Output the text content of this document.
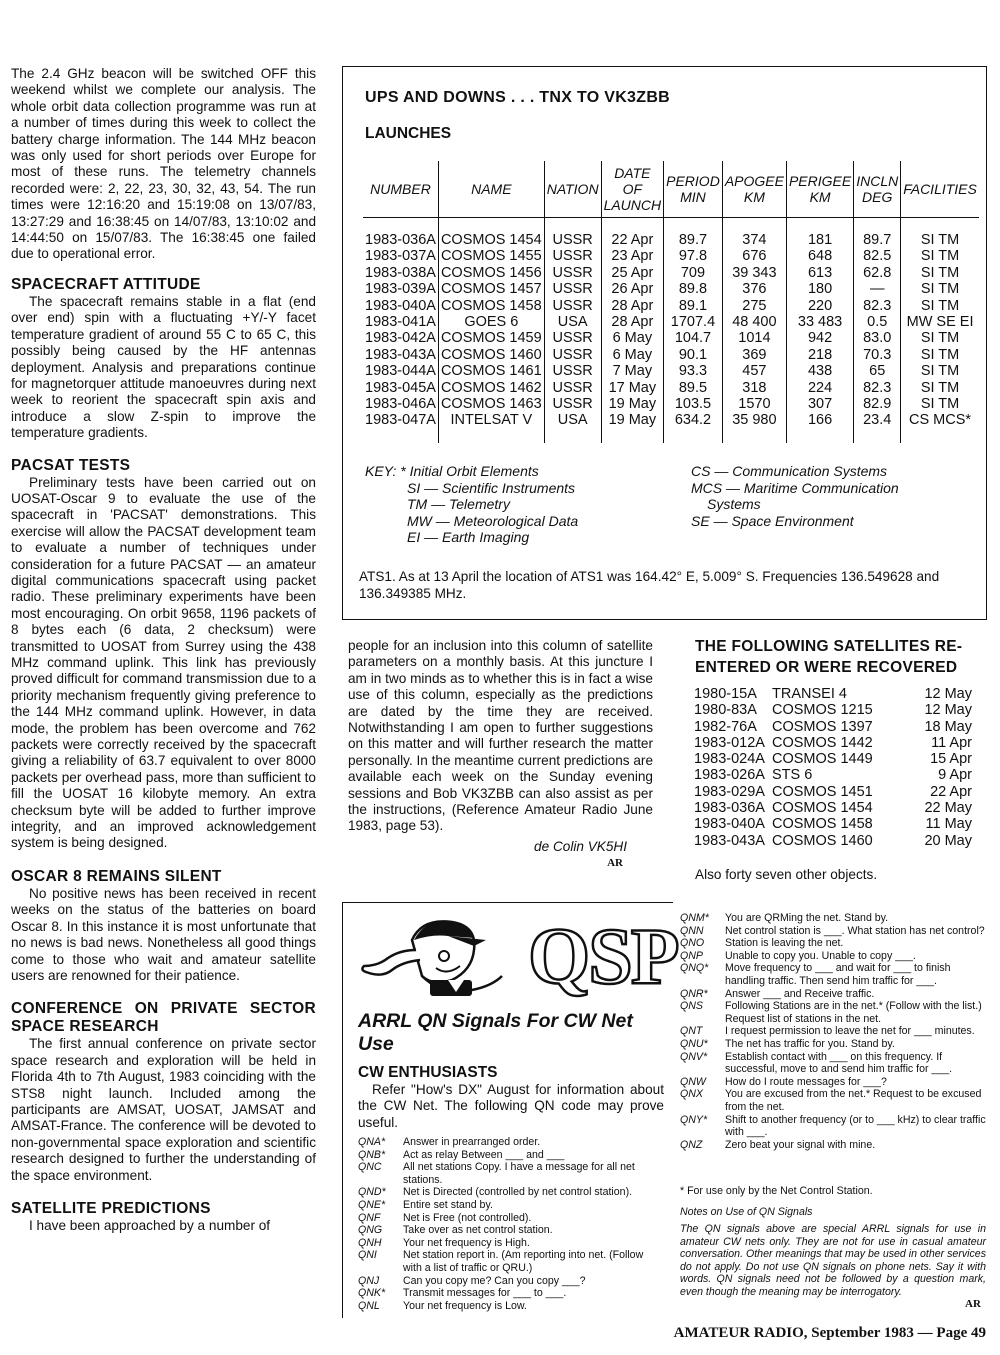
The 2.4 GHz beacon will be switched OFF this weekend whilst we complete our analysis. The whole orbit data collection programme was run at a number of times during this week to collect the battery charge information. The 144 MHz beacon was only used for short periods over Europe for most of these runs. The telemetry channels recorded were: 2, 22, 23, 30, 32, 43, 54. The run times were 12:16:20 and 15:19:08 on 13/07/83, 13:27:29 and 16:38:45 on 14/07/83, 13:10:02 and 14:44:50 on 15/07/83. The 16:38:45 one failed due to operational error.

SPACECRAFT ATTITUDE

The spacecraft remains stable in a flat (end over end) spin with a fluctuating +Y/-Y facet temperature gradient of around 55 C to 65 C, this possibly being caused by the HF antennas deployment. Analysis and preparations continue for magnetorquer attitude manoeuvres during next week to reorient the spacecraft spin axis and introduce a slow Z-spin to improve the temperature gradients.

PACSAT TESTS

Preliminary tests have been carried out on UOSAT-Oscar 9 to evaluate the use of the spacecraft in 'PACSAT' demonstrations. This exercise will allow the PACSAT development team to evaluate a number of techniques under consideration for a future PACSAT — an amateur digital communications spacecraft using packet radio. These preliminary experiments have been most encouraging. On orbit 9658, 1196 packets of 8 bytes each (6 data, 2 checksum) were transmitted to UOSAT from Surrey using the 438 MHz command uplink. This link has previously proved difficult for command transmission due to a priority mechanism frequently giving preference to the 144 MHz command uplink. However, in data mode, the problem has been overcome and 762 packets were correctly received by the spacecraft giving a reliability of 63.7 equivalent to over 8000 packets per overhead pass, more than sufficient to fill the UOSAT 16 kilobyte memory. An extra checksum byte will be added to further improve integrity, and an improved acknowledgement system is being designed.

OSCAR 8 REMAINS SILENT

No positive news has been received in recent weeks on the status of the batteries on board Oscar 8. In this instance it is most unfortunate that no news is bad news. Nonetheless all good things come to those who wait and amateur satellite users are renowned for their patience.

CONFERENCE ON PRIVATE SECTOR SPACE RESEARCH

The first annual conference on private sector space research and exploration will be held in Florida 4th to 7th August, 1983 coinciding with the STS8 night launch. Included among the participants are AMSAT, UOSAT, JAMSAT and AMSAT-France. The conference will be devoted to non-governmental space exploration and scientific research designed to further the understanding of the space environment.

SATELLITE PREDICTIONS

I have been approached by a number of

UPS AND DOWNS . . . TNX TO VK3ZBB
LAUNCHES
NUMBER	NAME	NATION	DATE OF LAUNCH	PERIOD MIN	APOGEE KM	PERIGEE KM	INCLN DEG	FACILITIES

1983-036A	COSMOS 1454	USSR	22 Apr	89.7	374	181	89.7	SI TM
1983-037A	COSMOS 1455	USSR	23 Apr	97.8	676	648	82.5	SI TM
1983-038A	COSMOS 1456	USSR	25 Apr	709	39 343	613	62.8	SI TM
1983-039A	COSMOS 1457	USSR	26 Apr	89.8	376	180	—	SI TM
1983-040A	COSMOS 1458	USSR	28 Apr	89.1	275	220	82.3	SI TM
1983-041A	GOES 6	USA	28 Apr	1707.4	48 400	33 483	0.5	MW SE EI
1983-042A	COSMOS 1459	USSR	6 May	104.7	1014	942	83.0	SI TM
1983-043A	COSMOS 1460	USSR	6 May	90.1	369	218	70.3	SI TM
1983-044A	COSMOS 1461	USSR	7 May	93.3	457	438	65	SI TM
1983-045A	COSMOS 1462	USSR	17 May	89.5	318	224	82.3	SI TM
1983-046A	COSMOS 1463	USSR	19 May	103.5	1570	307	82.9	SI TM
1983-047A	INTELSAT V	USA	19 May	634.2	35 980	166	23.4	CS MCS*

KEY: * Initial Orbit Elements
SI — Scientific Instruments
TM — Telemetry
MW — Meteorological Data
EI — Earth Imaging
CS — Communication Systems
MCS — Maritime Communication
Systems
SE — Space Environment
ATS1. As at 13 April the location of ATS1 was 164.42° E, 5.009° S. Frequencies 136.549628 and 136.349385 MHz.

people for an inclusion into this column of satellite parameters on a monthly basis. At this juncture I am in two minds as to whether this is in fact a wise use of this column, especially as the predictions are dated by the time they are received. Notwithstanding I am open to further suggestions on this matter and will further research the matter personally. In the meantime current predictions are available each week on the Sunday evening sessions and Bob VK3ZBB can also assist as per the instructions, (Reference Amateur Radio June 1983, page 53).

de Colin VK5HI

AR

THE FOLLOWING SATELLITES RE-ENTERED OR WERE RECOVERED
1980-15A	TRANSEI 4	12 May
1980-83A	COSMOS 1215	12 May
1982-76A	COSMOS 1397	18 May
1983-012A	COSMOS 1442	11 Apr
1983-024A	COSMOS 1449	15 Apr
1983-026A	STS 6	9 Apr
1983-029A	COSMOS 1451	22 Apr
1983-036A	COSMOS 1454	22 May
1983-040A	COSMOS 1458	11 May
1983-043A	COSMOS 1460	20 May
Also forty seven other objects.
QSP
ARRL QN Signals For CW Net Use
CW ENTHUSIASTS
Refer "How's DX" August for information about the CW Net. The following QN code may prove useful.
QNA*	Answer in prearranged order.
QNB*	Act as relay Between ___ and ___
QNC	All net stations Copy. I have a message for all net stations.
QND*	Net is Directed (controlled by net control station).
QNE*	Entire set stand by.
QNF	Net is Free (not controlled).
QNG	Take over as net control station.
QNH	Your net frequency is High.
QNI	Net station report in. (Am reporting into net. (Follow with a list of traffic or QRU.)
QNJ	Can you copy me? Can you copy ___?
QNK*	Transmit messages for ___ to ___.
QNL	Your net frequency is Low.
QNM*	You are QRMing the net. Stand by.
QNN	Net control station is ___. What station has net control?
QNO	Station is leaving the net.
QNP	Unable to copy you. Unable to copy ___.
QNQ*	Move frequency to ___ and wait for ___ to finish handling traffic. Then send him traffic for ___.
QNR*	Answer ___ and Receive traffic.
QNS	Following Stations are in the net.* (Follow with the list.) Request list of stations in the net.
QNT	I request permission to leave the net for ___ minutes.
QNU*	The net has traffic for you. Stand by.
QNV*	Establish contact with ___ on this frequency. If successful, move to and send him traffic for ___.
QNW	How do I route messages for ___?
QNX	You are excused from the net.* Request to be excused from the net.
QNY*	Shift to another frequency (or to ___ kHz) to clear traffic with ___.
QNZ	Zero beat your signal with mine.
* For use only by the Net Control Station.
Notes on Use of QN Signals
The QN signals above are special ARRL signals for use in amateur CW nets only. They are not for use in casual amateur conversation. Other meanings that may be used in other services do not apply. Do not use QN signals on phone nets. Say it with words. QN signals need not be followed by a question mark, even though the meaning may be interrogatory.
AR
AMATEUR RADIO, September 1983 — Page 49
